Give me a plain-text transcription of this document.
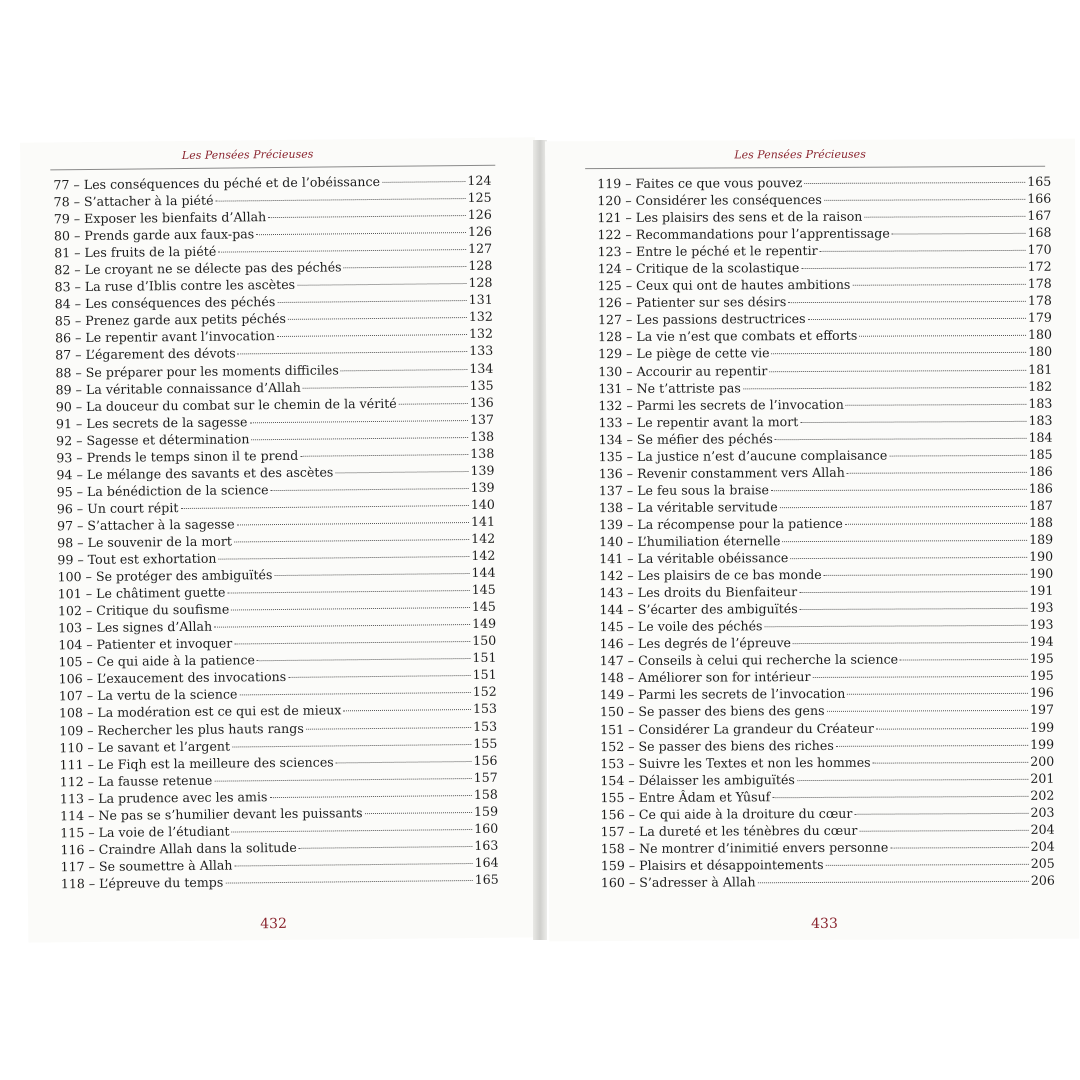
Les Pensées Précieuses
77 – Les conséquences du péché et de l’obéissance	124
78 – S’attacher à la piété	125
79 – Exposer les bienfaits d’Allah	126
80 – Prends garde aux faux-pas	126
81 – Les fruits de la piété	127
82 – Le croyant ne se délecte pas des péchés	128
83 – La ruse d’Iblis contre les ascètes	128
84 – Les conséquences des péchés	131
85 – Prenez garde aux petits péchés	132
86 – Le repentir avant l’invocation	132
87 – L’égarement des dévots	133
88 – Se préparer pour les moments difficiles	134
89 – La véritable connaissance d’Allah	135
90 – La douceur du combat sur le chemin de la vérité	136
91 – Les secrets de la sagesse	137
92 – Sagesse et détermination	138
93 – Prends le temps sinon il te prend	138
94 – Le mélange des savants et des ascètes	139
95 – La bénédiction de la science	139
96 – Un court répit	140
97 – S’attacher à la sagesse	141
98 – Le souvenir de la mort	142
99 – Tout est exhortation	142
100 – Se protéger des ambiguïtés	144
101 – Le châtiment guette	145
102 – Critique du soufisme	145
103 – Les signes d’Allah	149
104 – Patienter et invoquer	150
105 – Ce qui aide à la patience	151
106 – L’exaucement des invocations	151
107 – La vertu de la science	152
108 – La modération est ce qui est de mieux	153
109 – Rechercher les plus hauts rangs	153
110 – Le savant et l’argent	155
111 – Le Fiqh est la meilleure des sciences	156
112 – La fausse retenue	157
113 – La prudence avec les amis	158
114 – Ne pas se s’humilier devant les puissants	159
115 – La voie de l’étudiant	160
116 – Craindre Allah dans la solitude	163
117 – Se soumettre à Allah	164
118 – L’épreuve du temps	165
432
Les Pensées Précieuses
119 – Faites ce que vous pouvez	165
120 – Considérer les conséquences	166
121 – Les plaisirs des sens et de la raison	167
122 – Recommandations pour l’apprentissage	168
123 – Entre le péché et le repentir	170
124 – Critique de la scolastique	172
125 – Ceux qui ont de hautes ambitions	178
126 – Patienter sur ses désirs	178
127 – Les passions destructrices	179
128 – La vie n’est que combats et efforts	180
129 – Le piège de cette vie	180
130 – Accourir au repentir	181
131 – Ne t’attriste pas	182
132 – Parmi les secrets de l’invocation	183
133 – Le repentir avant la mort	183
134 – Se méfier des péchés	184
135 – La justice n’est d’aucune complaisance	185
136 – Revenir constamment vers Allah	186
137 – Le feu sous la braise	186
138 – La véritable servitude	187
139 – La récompense pour la patience	188
140 – L’humiliation éternelle	189
141 – La véritable obéissance	190
142 – Les plaisirs de ce bas monde	190
143 – Les droits du Bienfaiteur	191
144 – S’écarter des ambiguïtés	193
145 – Le voile des péchés	193
146 – Les degrés de l’épreuve	194
147 – Conseils à celui qui recherche la science	195
148 – Améliorer son for intérieur	195
149 – Parmi les secrets de l’invocation	196
150 – Se passer des biens des gens	197
151 – Considérer La grandeur du Créateur	199
152 – Se passer des biens des riches	199
153 – Suivre les Textes et non les hommes	200
154 – Délaisser les ambiguïtés	201
155 – Entre Âdam et Yûsuf	202
156 – Ce qui aide à la droiture du cœur	203
157 – La dureté et les ténèbres du cœur	204
158 – Ne montrer d’inimitié envers personne	204
159 – Plaisirs et désappointements	205
160 – S’adresser à Allah	206
433
